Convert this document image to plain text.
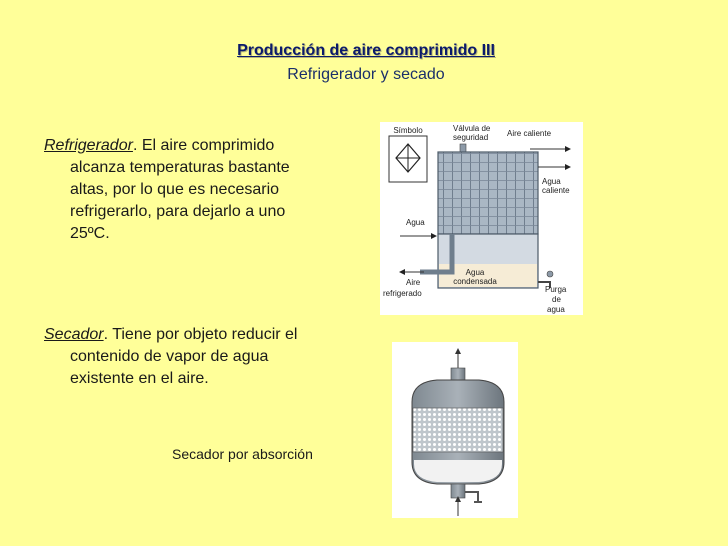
Producción de aire comprimido III
Refrigerador y secado
Refrigerador. El aire comprimido
alcanza temperaturas bastante
altas, por lo que es necesario
refrigerarlo, para dejarlo a uno
25ºC.
Secador. Tiene por objeto reducir el
contenido de vapor de agua
existente en el aire.
Secador por absorción
Símbolo	Válvula de
seguridad Aire caliente
Agua
caliente
Agua
Agua
condensada
Aire
refrigerado	Purga
de
agua
